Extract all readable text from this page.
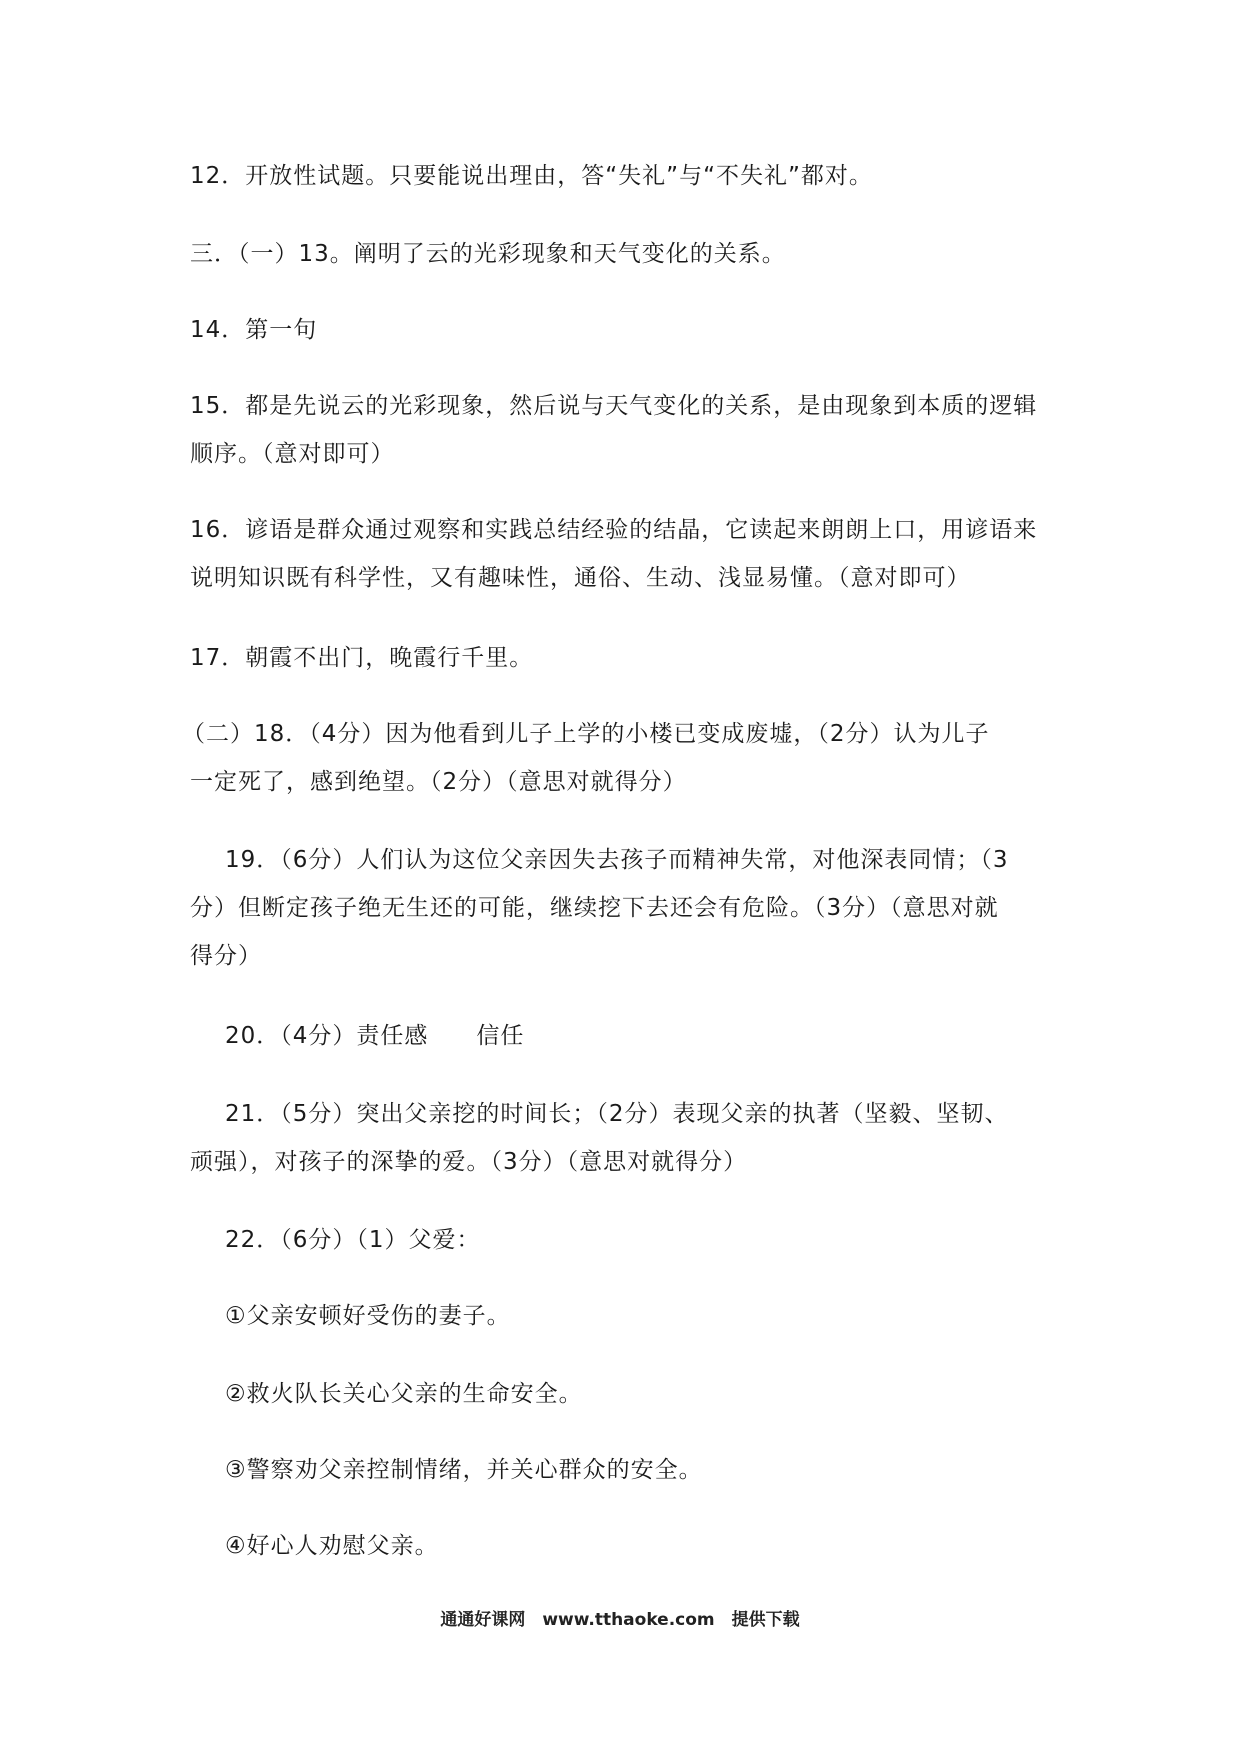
12．开放性试题。只要能说出理由，答“失礼”与“不失礼”都对。
三．（一）13。阐明了云的光彩现象和天气变化的关系。
14．第一句
15．都是先说云的光彩现象，然后说与天气变化的关系，是由现象到本质的逻辑
顺序。（意对即可）
16．谚语是群众通过观察和实践总结经验的结晶，它读起来朗朗上口，用谚语来
说明知识既有科学性，又有趣味性，通俗、生动、浅显易懂。（意对即可）
17．朝霞不出门，晚霞行千里。
（二）18．（4分）因为他看到儿子上学的小楼已变成废墟，（2分）认为儿子
一定死了，感到绝望。（2分）（意思对就得分）
19．（6分）人们认为这位父亲因失去孩子而精神失常，对他深表同情；（3
分）但断定孩子绝无生还的可能，继续挖下去还会有危险。（3分）（意思对就
得分）
20．（4分）责任感　　信任
21．（5分）突出父亲挖的时间长；（2分）表现父亲的执著（坚毅、坚韧、
顽强），对孩子的深挚的爱。（3分）（意思对就得分）
22．（6分）（1）父爱：
①父亲安顿好受伤的妻子。
②救火队长关心父亲的生命安全。
③警察劝父亲控制情绪，并关心群众的安全。
④好心人劝慰父亲。
通通好课网　www.tthaoke.com　提供下载
